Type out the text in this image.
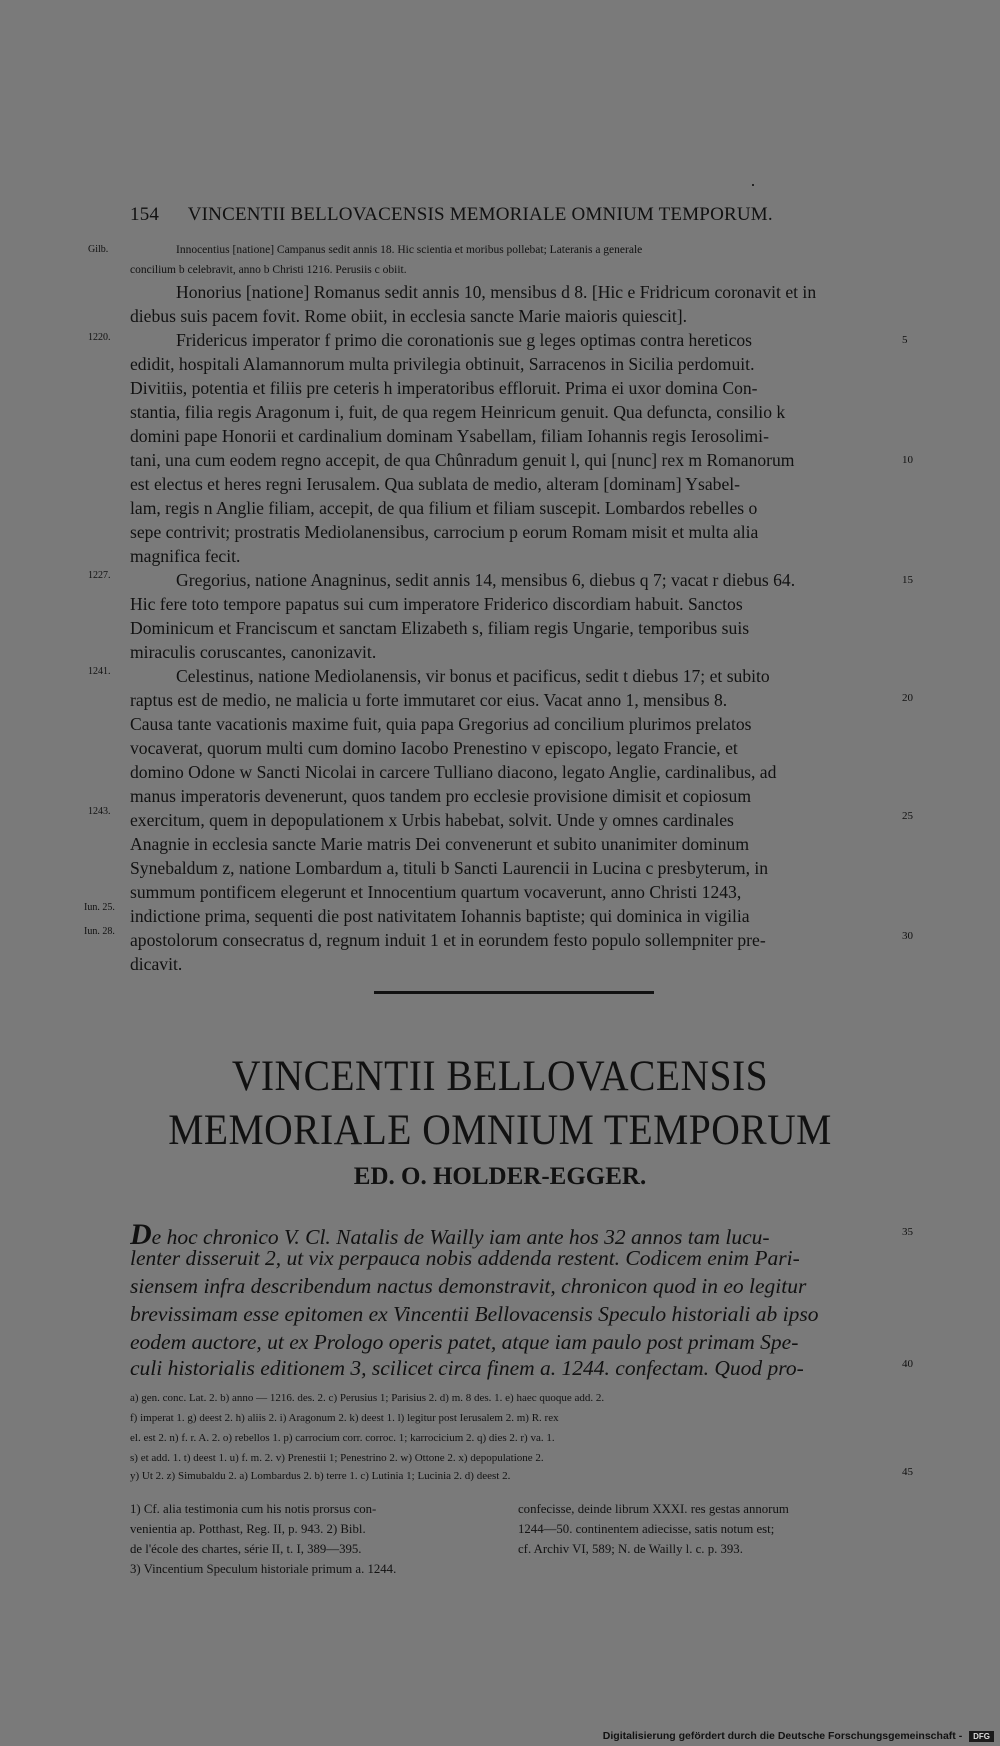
154 VINCENTII BELLOVACENSIS MEMORIALE OMNIUM TEMPORUM.
Gilb.
1220.
1227.
1241.
1243.
Iun. 25.
Iun. 28.
5
10
15
20
25
30
35
40
45
Innocentius [natione] Campanus sedit annis 18. Hic scientia et moribus pollebat; Lateranis a generale
concilium b celebravit, anno b Christi 1216. Perusiis c obiit.
Honorius [natione] Romanus sedit annis 10, mensibus d 8. [Hic e Fridricum coronavit et in
diebus suis pacem fovit. Rome obiit, in ecclesia sancte Marie maioris quiescit].
Fridericus imperator f primo die coronationis sue g leges optimas contra hereticos
edidit, hospitali Alamannorum multa privilegia obtinuit, Sarracenos in Sicilia perdomuit.
Divitiis, potentia et filiis pre ceteris h imperatoribus effloruit. Prima ei uxor domina Con-
stantia, filia regis Aragonum i, fuit, de qua regem Heinricum genuit. Qua defuncta, consilio k
domini pape Honorii et cardinalium dominam Ysabellam, filiam Iohannis regis Ierosolimi-
tani, una cum eodem regno accepit, de qua Chûnradum genuit l, qui [nunc] rex m Romanorum
est electus et heres regni Ierusalem. Qua sublata de medio, alteram [dominam] Ysabel-
lam, regis n Anglie filiam, accepit, de qua filium et filiam suscepit. Lombardos rebelles o
sepe contrivit; prostratis Mediolanensibus, carrocium p eorum Romam misit et multa alia
magnifica fecit.
Gregorius, natione Anagninus, sedit annis 14, mensibus 6, diebus q 7; vacat r diebus 64.
Hic fere toto tempore papatus sui cum imperatore Friderico discordiam habuit. Sanctos
Dominicum et Franciscum et sanctam Elizabeth s, filiam regis Ungarie, temporibus suis
miraculis coruscantes, canonizavit.
Celestinus, natione Mediolanensis, vir bonus et pacificus, sedit t diebus 17; et subito
raptus est de medio, ne malicia u forte immutaret cor eius. Vacat anno 1, mensibus 8.
Causa tante vacationis maxime fuit, quia papa Gregorius ad concilium plurimos prelatos
vocaverat, quorum multi cum domino Iacobo Prenestino v episcopo, legato Francie, et
domino Odone w Sancti Nicolai in carcere Tulliano diacono, legato Anglie, cardinalibus, ad
manus imperatoris devenerunt, quos tandem pro ecclesie provisione dimisit et copiosum
exercitum, quem in depopulationem x Urbis habebat, solvit. Unde y omnes cardinales
Anagnie in ecclesia sancte Marie matris Dei convenerunt et subito unanimiter dominum
Synebaldum z, natione Lombardum a, tituli b Sancti Laurencii in Lucina c presbyterum, in
summum pontificem elegerunt et Innocentium quartum vocaverunt, anno Christi 1243,
indictione prima, sequenti die post nativitatem Iohannis baptiste; qui dominica in vigilia
apostolorum consecratus d, regnum induit 1 et in eorundem festo populo sollempniter pre-
dicavit.
VINCENTII BELLOVACENSIS
MEMORIALE OMNIUM TEMPORUM
ED. O. HOLDER-EGGER.
De hoc chronico V. Cl. Natalis de Wailly iam ante hos 32 annos tam lucu-
lenter disseruit 2, ut vix perpauca nobis addenda restent. Codicem enim Pari-
siensem infra describendum nactus demonstravit, chronicon quod in eo legitur
brevissimam esse epitomen ex Vincentii Bellovacensis Speculo historiali ab ipso
eodem auctore, ut ex Prologo operis patet, atque iam paulo post primam Spe-
culi historialis editionem 3, scilicet circa finem a. 1244. confectam. Quod pro-
a) gen. conc. Lat. 2. b) anno — 1216. des. 2. c) Perusius 1; Parisius 2. d) m. 8 des. 1. e) haec quoque add. 2.
f) imperat 1. g) deest 2. h) aliis 2. i) Aragonum 2. k) deest 1. l) legitur post Ierusalem 2. m) R. rex
el. est 2. n) f. r. A. 2. o) rebellos 1. p) carrocium corr. corroc. 1; karrocicium 2. q) dies 2. r) va. 1.
s) et add. 1. t) deest 1. u) f. m. 2. v) Prenestii 1; Penestrino 2. w) Ottone 2. x) depopulatione 2.
y) Ut 2. z) Simubaldu 2. a) Lombardus 2. b) terre 1. c) Lutinia 1; Lucinia 2. d) deest 2.
1) Cf. alia testimonia cum his notis prorsus con-
venientia ap. Potthast, Reg. II, p. 943. 2) Bibl.
de l'école des chartes, série II, t. I, 389—395.
3) Vincentium Speculum historiale primum a. 1244.
confecisse, deinde librum XXXI. res gestas annorum
1244—50. continentem adiecisse, satis notum est;
cf. Archiv VI, 589; N. de Wailly l. c. p. 393.
Digitalisierung gefördert durch die Deutsche Forschungsgemeinschaft - DFG
